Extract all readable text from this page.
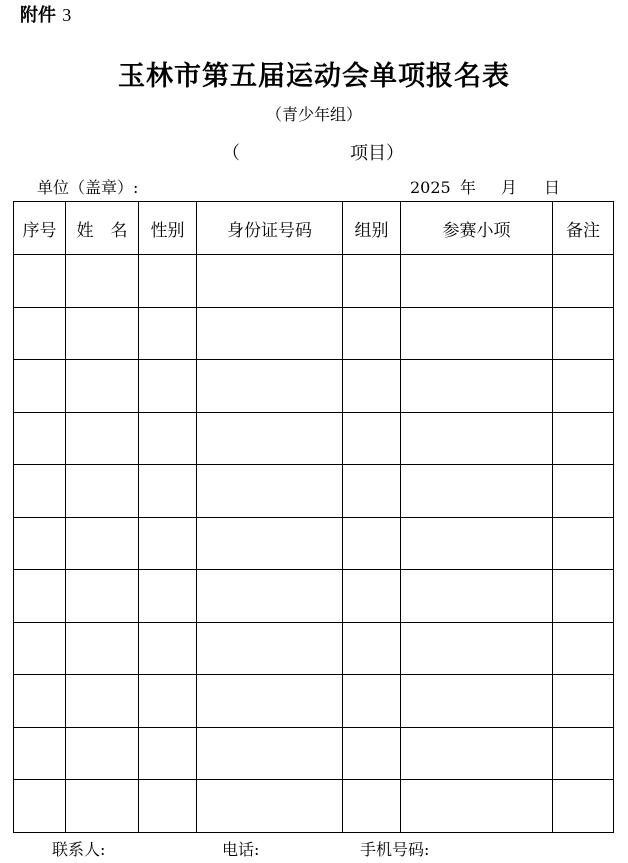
附件 3
玉林市第五届运动会单项报名表
（青少年组）

（

	项目）

单位（盖章）:	2025 年 月 日
序号	姓　名	性别	身份证号码	组别	参赛小项	备注

联系人:	电话:	手机号码:
